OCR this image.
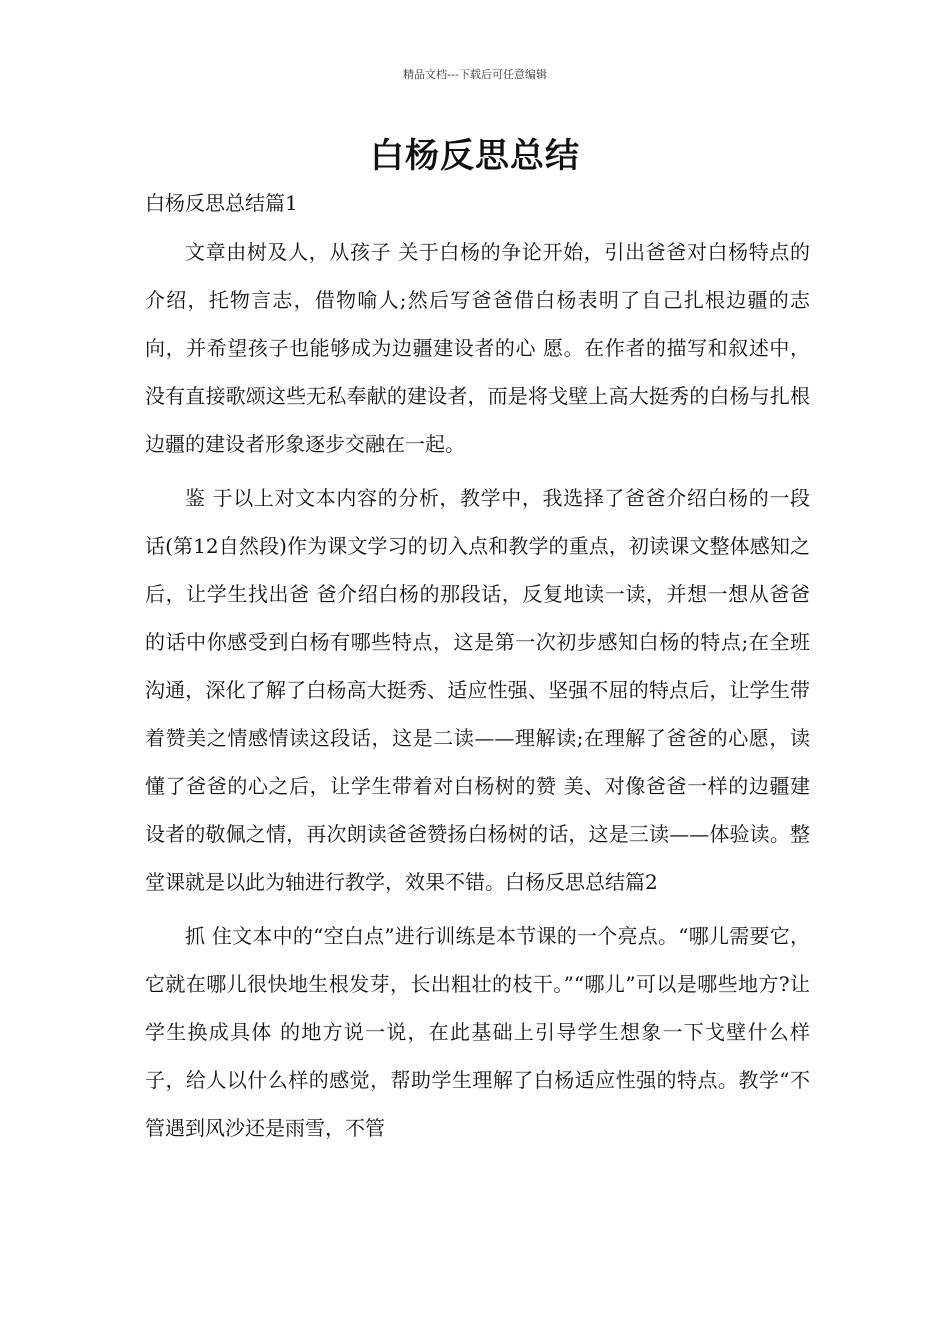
精品文档---下载后可任意编辑
白杨反思总结
白杨反思总结篇1

文章由树及人，从孩子 关于白杨的争论开始，引出爸爸对白杨特点的介绍，托物言志，借物喻人;然后写爸爸借白杨表明了自己扎根边疆的志向，并希望孩子也能够成为边疆建设者的心 愿。在作者的描写和叙述中，没有直接歌颂这些无私奉献的建设者，而是将戈壁上高大挺秀的白杨与扎根边疆的建设者形象逐步交融在一起。

鉴 于以上对文本内容的分析，教学中，我选择了爸爸介绍白杨的一段话(第12自然段)作为课文学习的切入点和教学的重点，初读课文整体感知之后，让学生找出爸 爸介绍白杨的那段话，反复地读一读，并想一想从爸爸的话中你感受到白杨有哪些特点，这是第一次初步感知白杨的特点;在全班沟通，深化了解了白杨高大挺秀、适应性强、坚强不屈的特点后，让学生带着赞美之情感情读这段话，这是二读——理解读;在理解了爸爸的心愿，读懂了爸爸的心之后，让学生带着对白杨树的赞 美、对像爸爸一样的边疆建设者的敬佩之情，再次朗读爸爸赞扬白杨树的话，这是三读——体验读。整堂课就是以此为轴进行教学，效果不错。白杨反思总结篇2

抓 住文本中的“空白点”进行训练是本节课的一个亮点。“哪儿需要它，它就在哪儿很快地生根发芽，长出粗壮的枝干。”“哪儿”可以是哪些地方?让学生换成具体 的地方说一说，在此基础上引导学生想象一下戈壁什么样子，给人以什么样的感觉，帮助学生理解了白杨适应性强的特点。教学“不管遇到风沙还是雨雪，不管
